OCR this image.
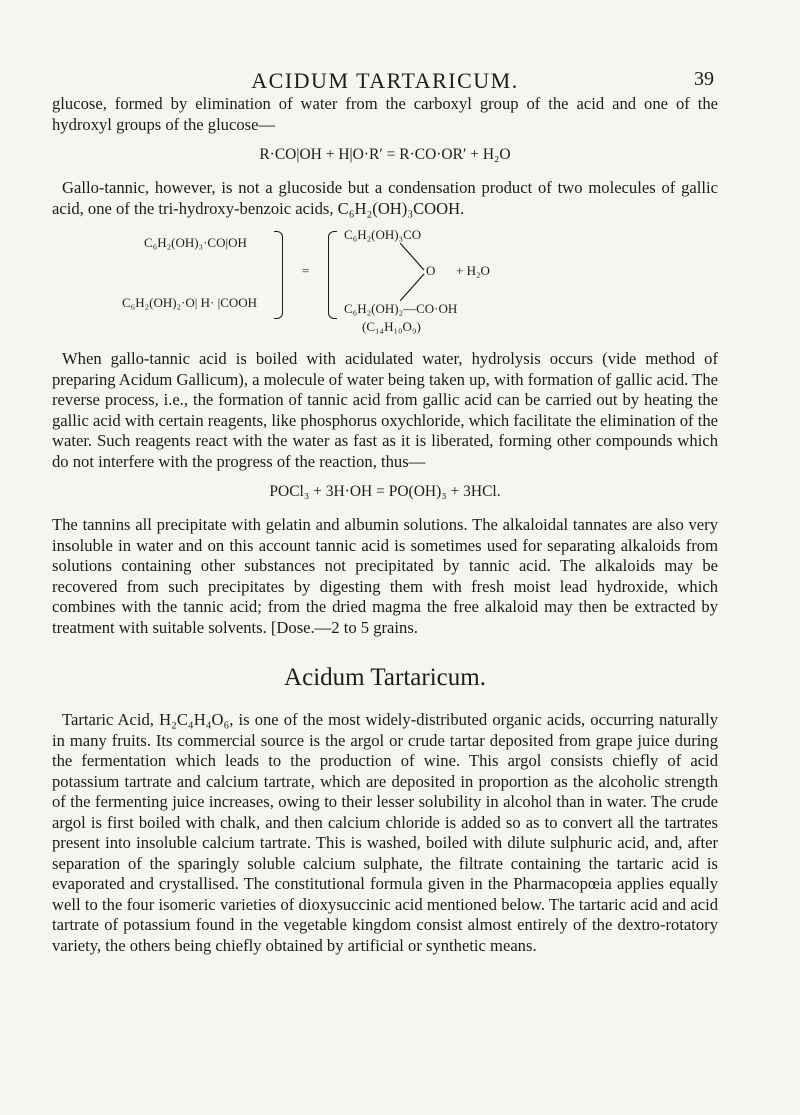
ACIDUM TARTARICUM.	39

glucose, formed by elimination of water from the carboxyl group of the acid and one of the hydroxyl groups of the glucose—

R·CO|OH + H|O·R′ = R·CO·OR′ + H₂O

Gallo-tannic, however, is not a glucoside but a condensation product of two molecules of gallic acid, one of the tri-hydroxy-benzoic acids, C₆H₂(OH)₃COOH.

C₆H₂(OH)₃·CO|OH
C₆H₂(OH)₂·O| H· |COOH
=
C₆H₂(OH)₃CO
O + H₂O
C₆H₂(OH)₂—CO·OH
(C₁₄H₁₀O₉)

When gallo-tannic acid is boiled with acidulated water, hydrolysis occurs (vide method of preparing Acidum Gallicum), a molecule of water being taken up, with formation of gallic acid. The reverse process, i.e., the formation of tannic acid from gallic acid can be carried out by heating the gallic acid with certain reagents, like phosphorus oxychloride, which facilitate the elimination of the water. Such reagents react with the water as fast as it is liberated, forming other compounds which do not interfere with the progress of the reaction, thus—

POCl₃ + 3H·OH = PO(OH)₃ + 3HCl.

The tannins all precipitate with gelatin and albumin solutions. The alkaloidal tannates are also very insoluble in water and on this account tannic acid is sometimes used for separating alkaloids from solutions containing other substances not precipitated by tannic acid. The alkaloids may be recovered from such precipitates by digesting them with fresh moist lead hydroxide, which combines with the tannic acid; from the dried magma the free alkaloid may then be extracted by treatment with suitable solvents. [Dose.—2 to 5 grains.

Acidum Tartaricum.

Tartaric Acid, H₂C₄H₄O₆, is one of the most widely-distributed organic acids, occurring naturally in many fruits. Its commercial source is the argol or crude tartar deposited from grape juice during the fermentation which leads to the production of wine. This argol consists chiefly of acid potassium tartrate and calcium tartrate, which are deposited in proportion as the alcoholic strength of the fermenting juice increases, owing to their lesser solubility in alcohol than in water. The crude argol is first boiled with chalk, and then calcium chloride is added so as to convert all the tartrates present into insoluble calcium tartrate. This is washed, boiled with dilute sulphuric acid, and, after separation of the sparingly soluble calcium sulphate, the filtrate containing the tartaric acid is evaporated and crystallised. The constitutional formula given in the Pharmacopœia applies equally well to the four isomeric varieties of dioxysuccinic acid mentioned below. The tartaric acid and acid tartrate of potassium found in the vegetable kingdom consist almost entirely of the dextro-rotatory variety, the others being chiefly obtained by artificial or synthetic means.
